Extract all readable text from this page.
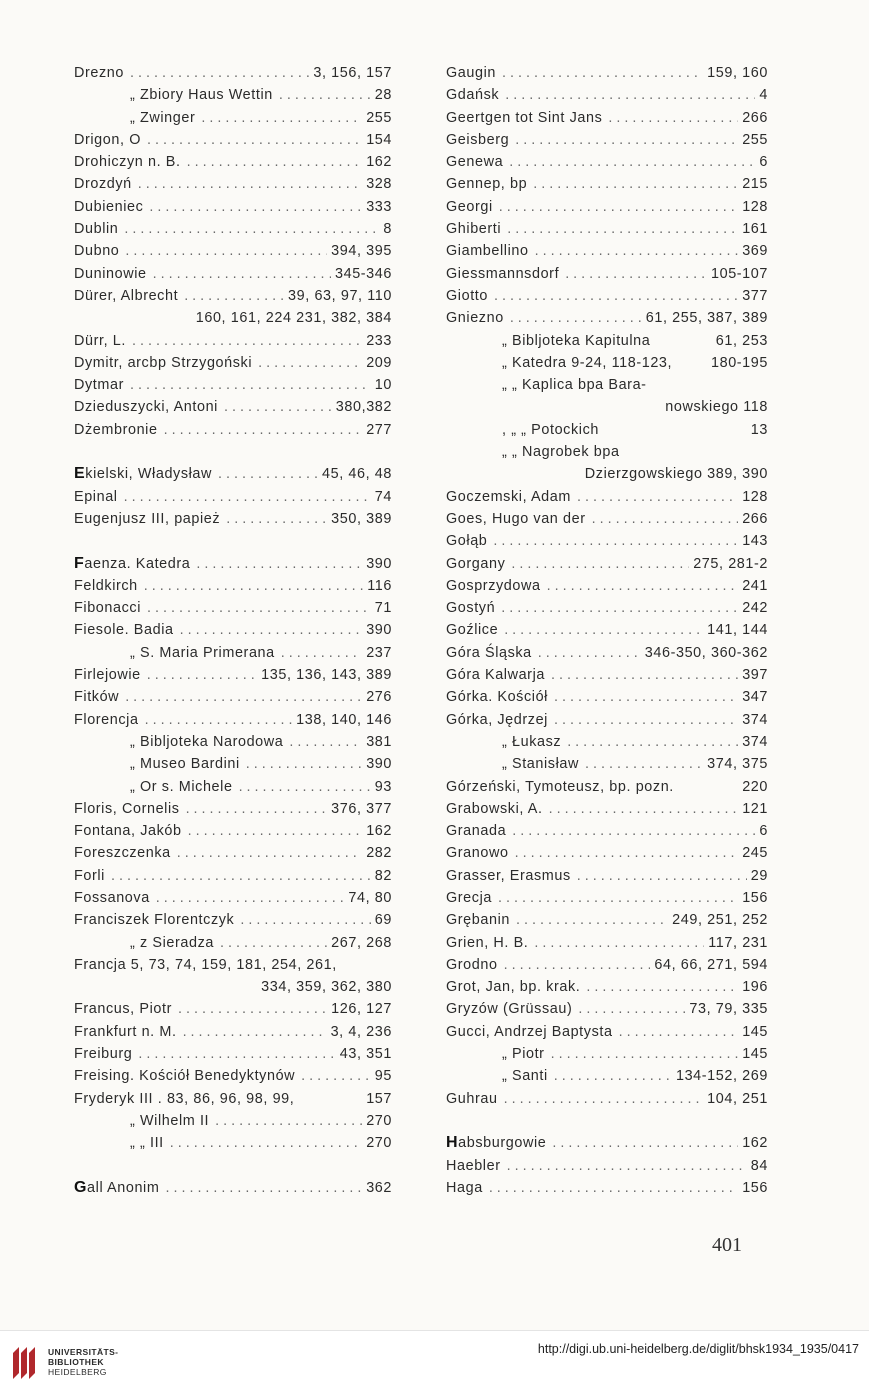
Drezno . . .	3, 156, 157
„ Zbiory Haus Wettin . . .	28
„ Zwinger . . .	255
Drigon, O . . .	154
Drohiczyn n. B. . . .	162
Drozdyń . . .	328
Dubieniec . . .	333
Dublin . . .	8
Dubno . . .	394, 395
Duninowie . . .	345-346
Dürer, Albrecht . . .	39, 63, 97, 110
160, 161, 224 231, 382, 384
Dürr, L. . . .	233
Dymitr, arcbp Strzygoński . . .	209
Dytmar . . .	10
Dzieduszycki, Antoni . . .	380,382
Dżembronie . . .	277
Ekielski, Władysław . . .	45, 46, 48
Epinal . . .	74
Eugenjusz III, papież . . .	350, 389
Faenza. Katedra . . .	390
Feldkirch . . .	116
Fibonacci . . .	71
Fiesole. Badia . . .	390
„ S. Maria Primerana . . .	237
Firlejowie . . .	135, 136, 143, 389
Fitków . . .	276
Florencja . . .	138, 140, 146
„ Bibljoteka Narodowa . . .	381
„ Museo Bardini . . .	390
„ Or s. Michele . . .	93
Floris, Cornelis . . .	376, 377
Fontana, Jakób . . .	162
Foreszczenka . . .	282
Forli . . .	82
Fossanova . . .	74, 80
Franciszek Florentczyk . . .	69
„ z Sieradza . . .	267, 268
Francja 5, 73, 74, 159, 181, 254, 261,
334, 359, 362, 380
Francus, Piotr . . .	126, 127
Frankfurt n. M. . . .	3, 4, 236
Freiburg . . .	43, 351
Freising. Kościół Benedyktynów . . .	95
Fryderyk III . 83, 86, 96, 98, 99,	157
„ Wilhelm II . . .	270
„ „ III . . .	270
Gall Anonim . . .	362
Gaugin . . .	159, 160
Gdańsk . . .	4
Geertgen tot Sint Jans . . .	266
Geisberg . . .	255
Genewa . . .	6
Gennep, bp . . .	215
Georgi . . .	128
Ghiberti . . .	161
Giambellino . . .	369
Giessmannsdorf . . .	105-107
Giotto . . .	377
Gniezno . . .	61, 255, 387, 389
„ Bibljoteka Kapitulna	61, 253
„ Katedra 9-24, 118-123,	180-195
„ „ Kaplica bpa Bara-
nowskiego 118
, „ „ Potockich	13
„ „ Nagrobek bpa
Dzierzgowskiego 389, 390
Goczemski, Adam . . .	128
Goes, Hugo van der . . .	266
Gołąb . . .	143
Gorgany . . .	275, 281-2
Gosprzydowa . . .	241
Gostyń . . .	242
Goźlice . . .	141, 144
Góra Śląska . . .	346-350, 360-362
Góra Kalwarja . . .	397
Górka. Kościół . . .	347
Górka, Jędrzej . . .	374
„ Łukasz . . .	374
„ Stanisław . . .	374, 375
Górzeński, Tymoteusz, bp. pozn.	220
Grabowski, A. . . .	121
Granada . . .	6
Granowo . . .	245
Grasser, Erasmus . . .	29
Grecja . . .	156
Grębanin . . .	249, 251, 252
Grien, H. B. . . .	117, 231
Grodno . . .	64, 66, 271, 594
Grot, Jan, bp. krak. . . .	196
Gryzów (Grüssau) . . .	73, 79, 335
Gucci, Andrzej Baptysta . . .	145
„ Piotr . . .	145
„ Santi . . .	134-152, 269
Guhrau . . .	104, 251
Habsburgowie . . .	162
Haebler . . .	84
Haga . . .	156
401
UNIVERSITÄTS-
BIBLIOTHEK
HEIDELBERG
http://digi.ub.uni-heidelberg.de/diglit/bhsk1934_1935/0417
